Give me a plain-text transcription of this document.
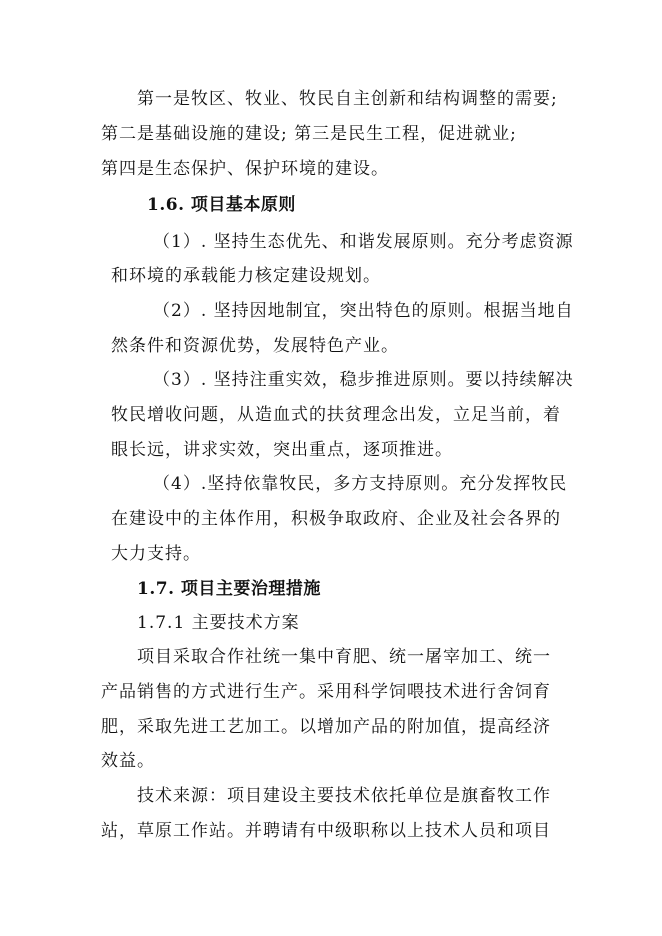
第一是牧区、牧业、牧民自主创新和结构调整的需要;
第二是基础设施的建设; 第三是民生工程，促进就业;
第四是生态保护、保护环境的建设。
1.6. 项目基本原则
（1）. 坚持生态优先、和谐发展原则。充分考虑资源
和环境的承载能力核定建设规划。
（2）. 坚持因地制宜，突出特色的原则。根据当地自
然条件和资源优势，发展特色产业。
（3）. 坚持注重实效，稳步推进原则。要以持续解决
牧民增收问题，从造血式的扶贫理念出发，立足当前，着
眼长远，讲求实效，突出重点，逐项推进。
（4）.坚持依靠牧民，多方支持原则。充分发挥牧民
在建设中的主体作用，积极争取政府、企业及社会各界的
大力支持。
1.7. 项目主要治理措施
1.7.1 主要技术方案
项目采取合作社统一集中育肥、统一屠宰加工、统一
产品销售的方式进行生产。采用科学饲喂技术进行舍饲育
肥，采取先进工艺加工。以增加产品的附加值，提高经济
效益。
技术来源：项目建设主要技术依托单位是旗畜牧工作
站，草原工作站。并聘请有中级职称以上技术人员和项目
